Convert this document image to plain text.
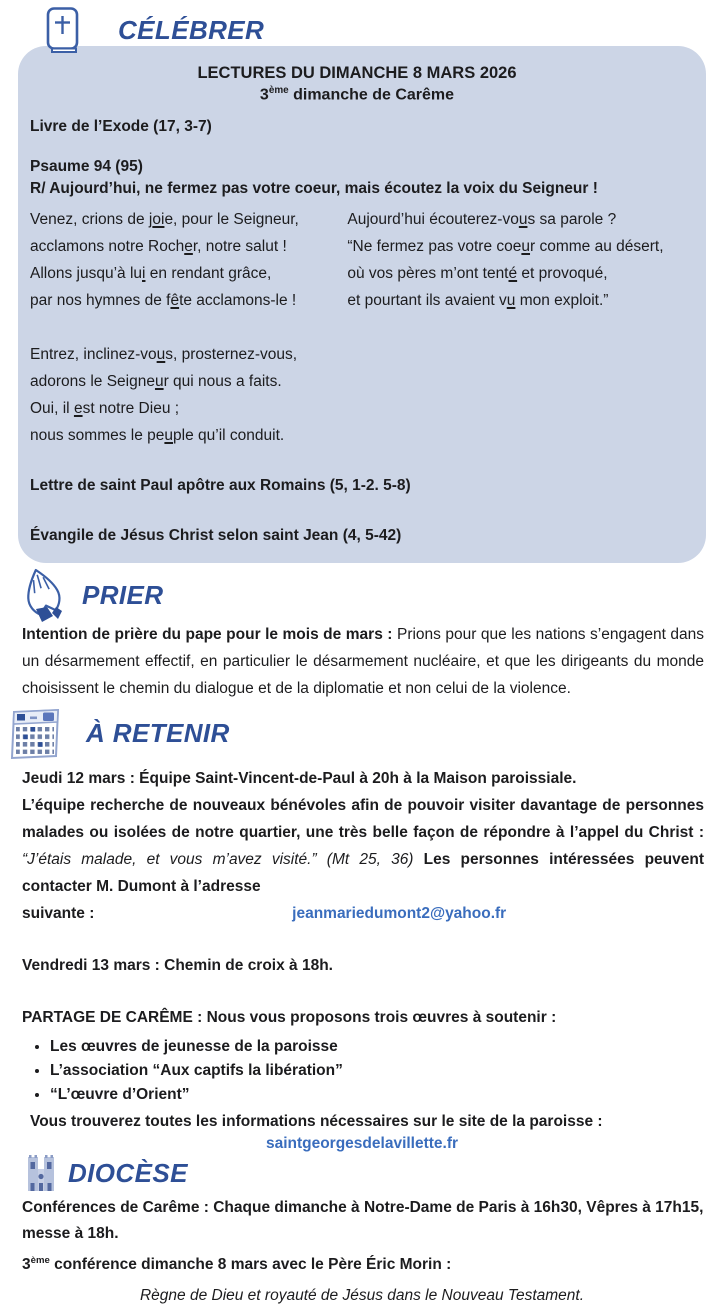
CÉLÉBRER

LECTURES DU DIMANCHE 8 MARS 2026

3ème dimanche de Carême

Livre de l’Exode (17, 3-7)

Psaume 94 (95)

R/ Aujourd’hui, ne fermez pas votre coeur, mais écoutez la voix du Seigneur !

Venez, crions de joie, pour le Seigneur,
acclamons notre Rocher, notre salut !
Allons jusqu’à lui en rendant grâce,
par nos hymnes de fête acclamons-le !
Entrez, inclinez-vous, prosternez-vous,
adorons le Seigneur qui nous a faits.
Oui, il est notre Dieu ;
nous sommes le peuple qu’il conduit.
Aujourd’hui écouterez-vous sa parole ?
“Ne fermez pas votre coeur comme au désert,
où vos pères m’ont tenté et provoqué,
et pourtant ils avaient vu mon exploit.”

Lettre de saint Paul apôtre aux Romains (5, 1-2. 5-8)

Évangile de Jésus Christ selon saint Jean (4, 5-42)

PRIER

Intention de prière du pape pour le mois de mars : Prions pour que les nations s’engagent dans un désarmement effectif, en particulier le désarmement nucléaire, et que les dirigeants du monde choisissent le chemin du dialogue et de la diplomatie et non celui de la violence.

À RETENIR

Jeudi 12 mars : Équipe Saint-Vincent-de-Paul à 20h à la Maison paroissiale.

L’équipe recherche de nouveaux bénévoles afin de pouvoir visiter davantage de personnes malades ou isolées de notre quartier, une très belle façon de répondre à l’appel du Christ : “J’étais malade, et vous m’avez visité.” (Mt 25, 36) Les personnes intéressées peuvent contacter M. Dumont à l’adresse

suivante :	jeanmariedumont2@yahoo.fr

Vendredi 13 mars : Chemin de croix à 18h.

PARTAGE DE CARÊME : Nous vous proposons trois œuvres à soutenir :

• Les œuvres de jeunesse de la paroisse
• L’association “Aux captifs la libération”
• “L’œuvre d’Orient”

Vous trouverez toutes les informations nécessaires sur le site de la paroisse :

saintgeorgesdelavillette.fr
DIOCÈSE

Conférences de Carême : Chaque dimanche à Notre-Dame de Paris à 16h30, Vêpres à 17h15, messe à 18h.

3ème conférence dimanche 8 mars avec le Père Éric Morin :

Règne de Dieu et royauté de Jésus dans le Nouveau Testament.
